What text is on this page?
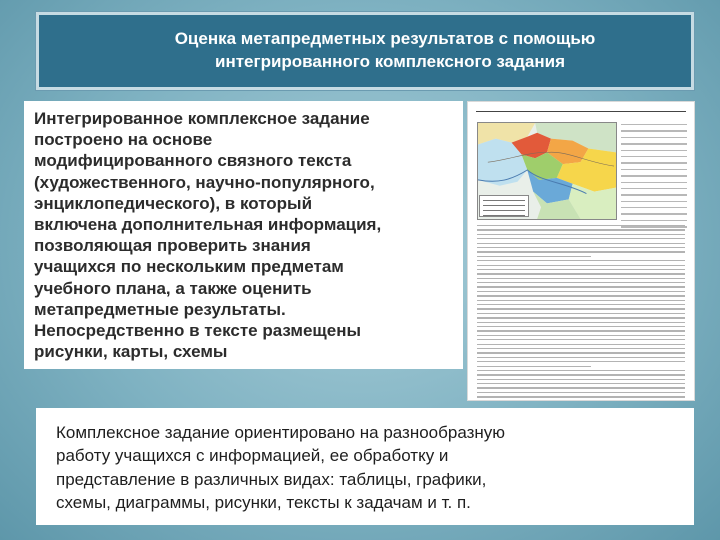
Оценка метапредметных результатов с помощью
интегрированного комплексного задания

Интегрированное комплексное задание
построено на основе
модифицированного связного текста
(художественного, научно-популярного,
энциклопедического), в который
включена дополнительная информация,
позволяющая проверить знания
учащихся по нескольким предметам
учебного плана, а также оценить
метапредметные результаты.
Непосредственно в тексте размещены
рисунки, карты, схемы

Комплексное задание ориентировано на разнообразную
работу учащихся с информацией, ее обработку и
представление в различных видах: таблицы, графики,
схемы, диаграммы, рисунки, тексты к задачам и т. п.
